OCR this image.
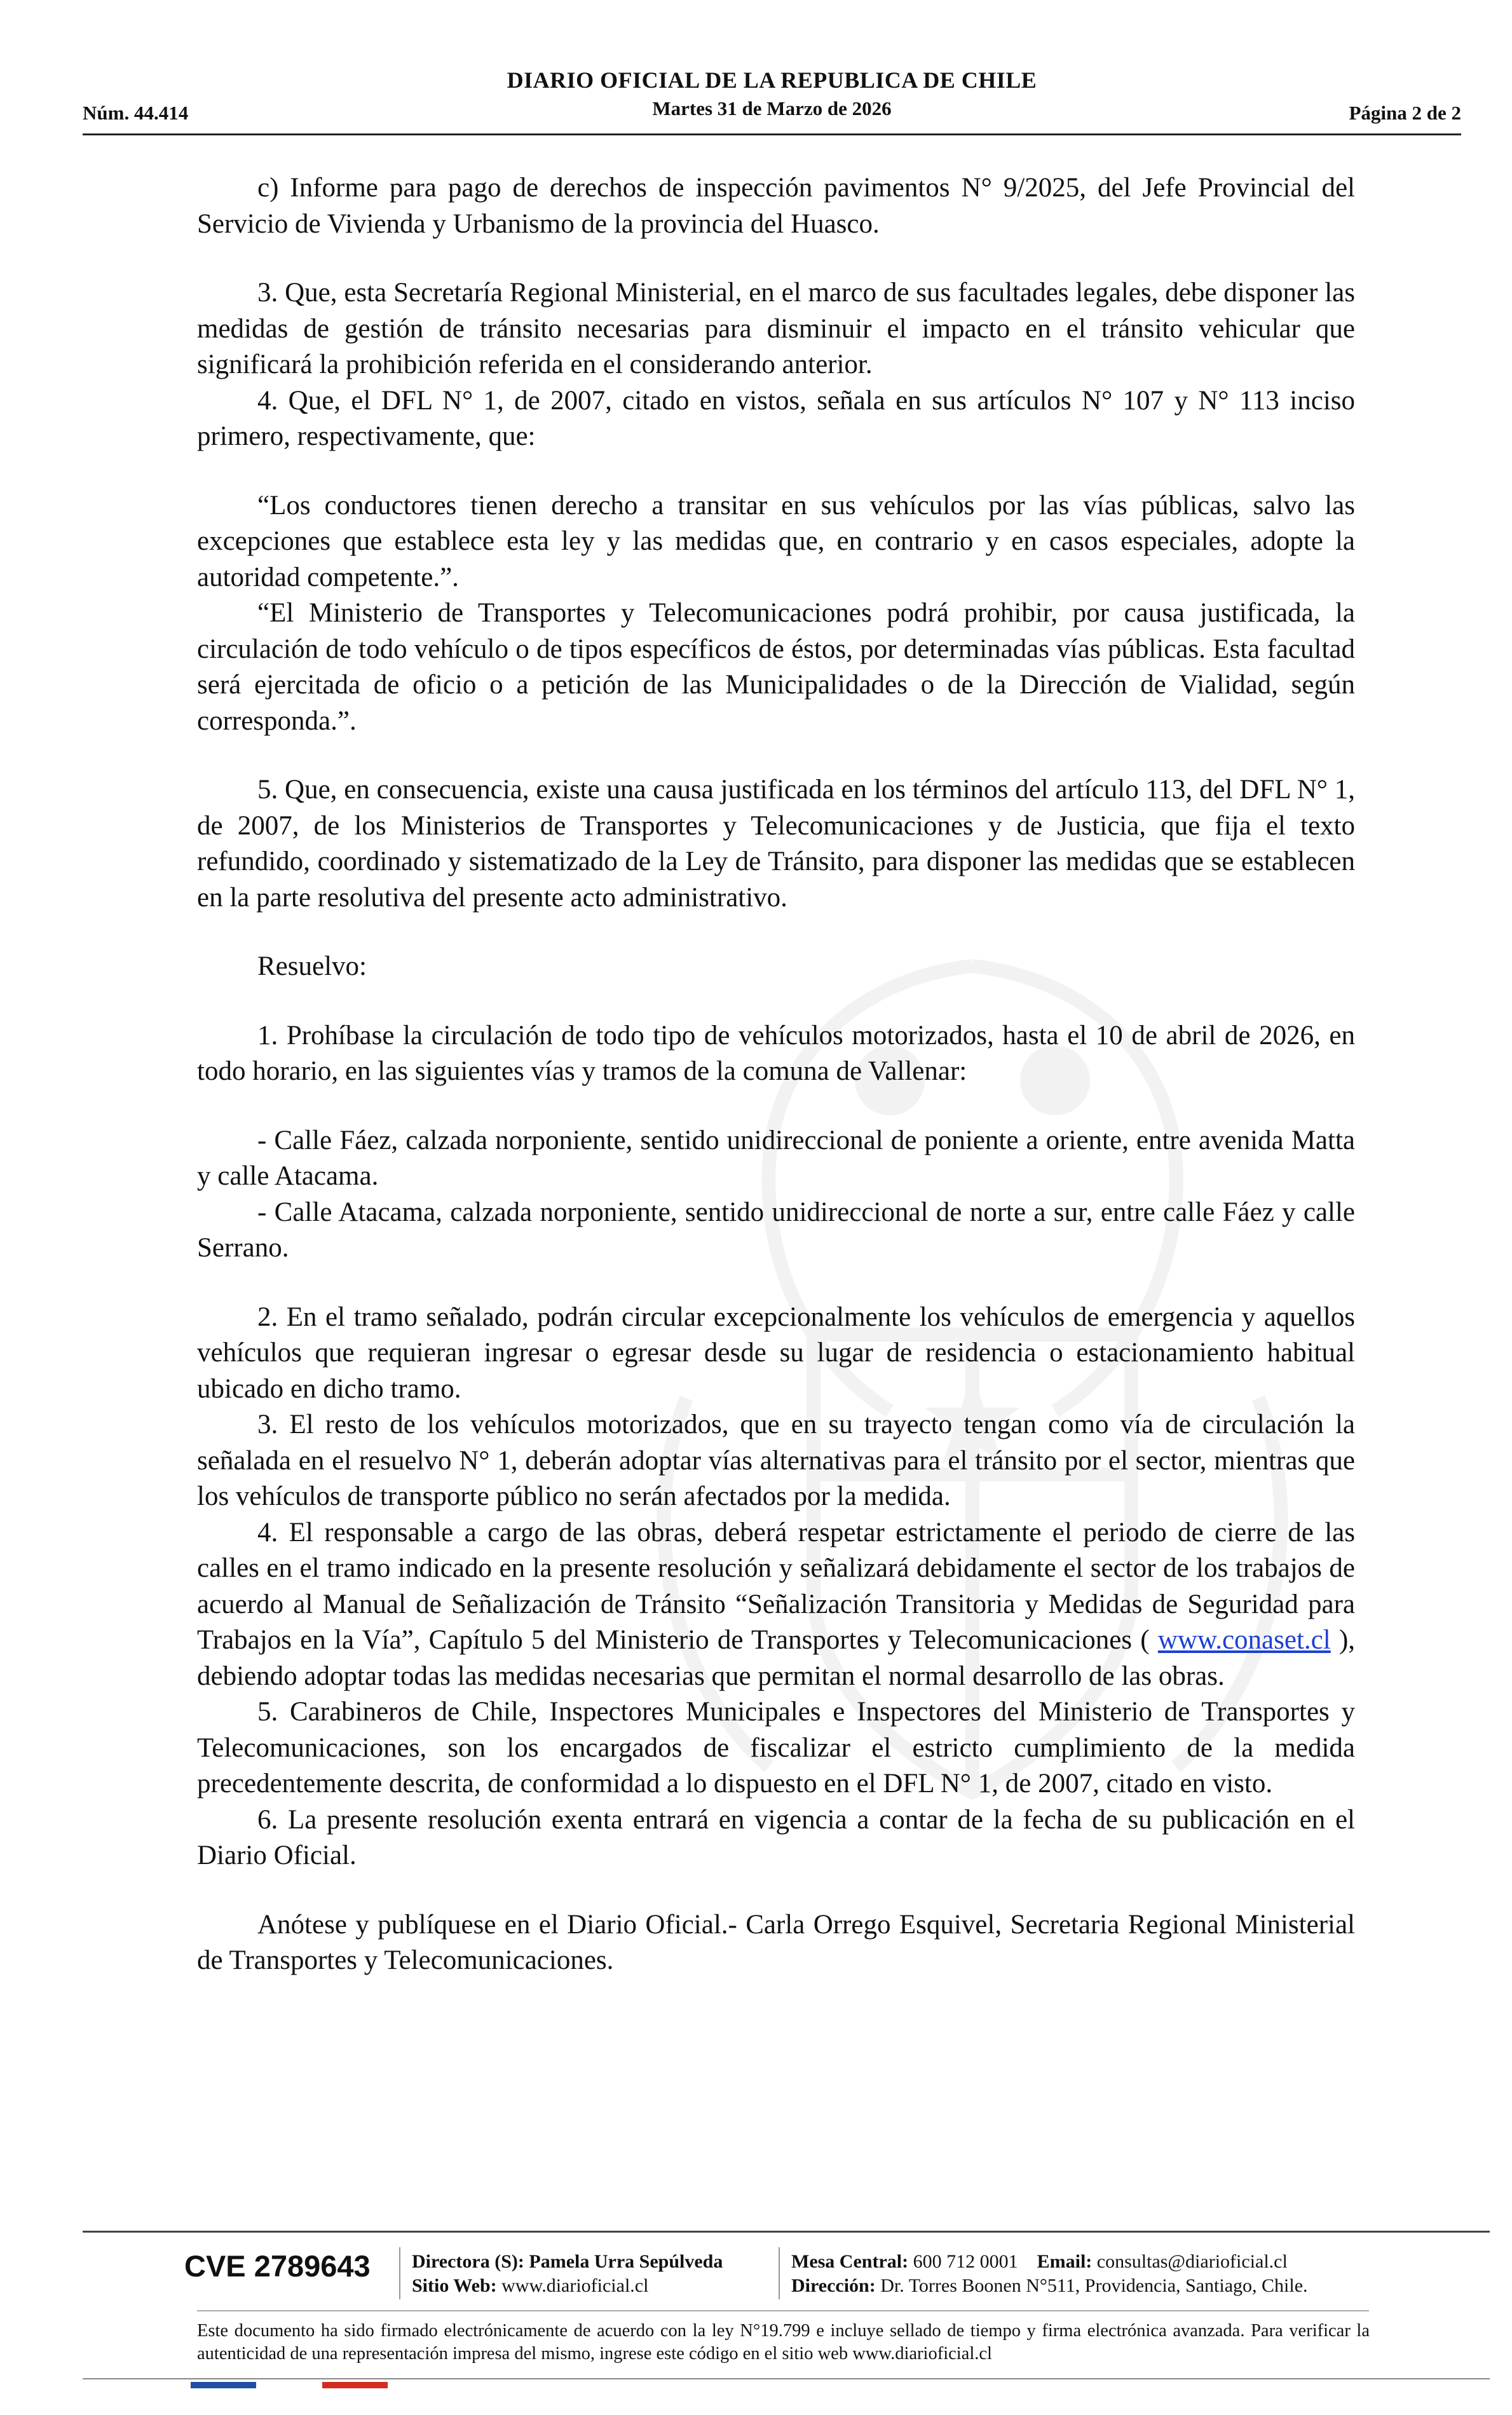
Núm. 44.414
DIARIO OFICIAL DE LA REPUBLICA DE CHILE
Martes 31 de Marzo de 2026	Página 2 de 2

c) Informe para pago de derechos de inspección pavimentos N° 9/2025, del Jefe Provincial del Servicio de Vivienda y Urbanismo de la provincia del Huasco.

3. Que, esta Secretaría Regional Ministerial, en el marco de sus facultades legales, debe disponer las medidas de gestión de tránsito necesarias para disminuir el impacto en el tránsito vehicular que significará la prohibición referida en el considerando anterior.

4. Que, el DFL N° 1, de 2007, citado en vistos, señala en sus artículos N° 107 y N° 113 inciso primero, respectivamente, que:

“Los conductores tienen derecho a transitar en sus vehículos por las vías públicas, salvo las excepciones que establece esta ley y las medidas que, en contrario y en casos especiales, adopte la autoridad competente.”.

“El Ministerio de Transportes y Telecomunicaciones podrá prohibir, por causa justificada, la circulación de todo vehículo o de tipos específicos de éstos, por determinadas vías públicas. Esta facultad será ejercitada de oficio o a petición de las Municipalidades o de la Dirección de Vialidad, según corresponda.”.

5. Que, en consecuencia, existe una causa justificada en los términos del artículo 113, del DFL N° 1, de 2007, de los Ministerios de Transportes y Telecomunicaciones y de Justicia, que fija el texto refundido, coordinado y sistematizado de la Ley de Tránsito, para disponer las medidas que se establecen en la parte resolutiva del presente acto administrativo.

Resuelvo:

1. Prohíbase la circulación de todo tipo de vehículos motorizados, hasta el 10 de abril de 2026, en todo horario, en las siguientes vías y tramos de la comuna de Vallenar:

- Calle Fáez, calzada norponiente, sentido unidireccional de poniente a oriente, entre avenida Matta y calle Atacama.

- Calle Atacama, calzada norponiente, sentido unidireccional de norte a sur, entre calle Fáez y calle Serrano.

2. En el tramo señalado, podrán circular excepcionalmente los vehículos de emergencia y aquellos vehículos que requieran ingresar o egresar desde su lugar de residencia o estacionamiento habitual ubicado en dicho tramo.

3. El resto de los vehículos motorizados, que en su trayecto tengan como vía de circulación la señalada en el resuelvo N° 1, deberán adoptar vías alternativas para el tránsito por el sector, mientras que los vehículos de transporte público no serán afectados por la medida.

4. El responsable a cargo de las obras, deberá respetar estrictamente el periodo de cierre de las calles en el tramo indicado en la presente resolución y señalizará debidamente el sector de los trabajos de acuerdo al Manual de Señalización de Tránsito “Señalización Transitoria y Medidas de Seguridad para Trabajos en la Vía”, Capítulo 5 del Ministerio de Transportes y Telecomunicaciones ( www.conaset.cl ), debiendo adoptar todas las medidas necesarias que permitan el normal desarrollo de las obras.

5. Carabineros de Chile, Inspectores Municipales e Inspectores del Ministerio de Transportes y Telecomunicaciones, son los encargados de fiscalizar el estricto cumplimiento de la medida precedentemente descrita, de conformidad a lo dispuesto en el DFL N° 1, de 2007, citado en visto.

6. La presente resolución exenta entrará en vigencia a contar de la fecha de su publicación en el Diario Oficial.

Anótese y publíquese en el Diario Oficial.- Carla Orrego Esquivel, Secretaria Regional Ministerial de Transportes y Telecomunicaciones.

CVE 2789643 Directora (S): Pamela Urra Sepúlveda
Sitio Web: www.diarioficial.cl
Mesa Central: 600 712 0001 Email: consultas@diarioficial.cl
Dirección: Dr. Torres Boonen N°511, Providencia, Santiago, Chile.
Este documento ha sido firmado electrónicamente de acuerdo con la ley N°19.799 e incluye sellado de tiempo y firma electrónica avanzada. Para verificar la autenticidad de una representación impresa del mismo, ingrese este código en el sitio web www.diarioficial.cl
